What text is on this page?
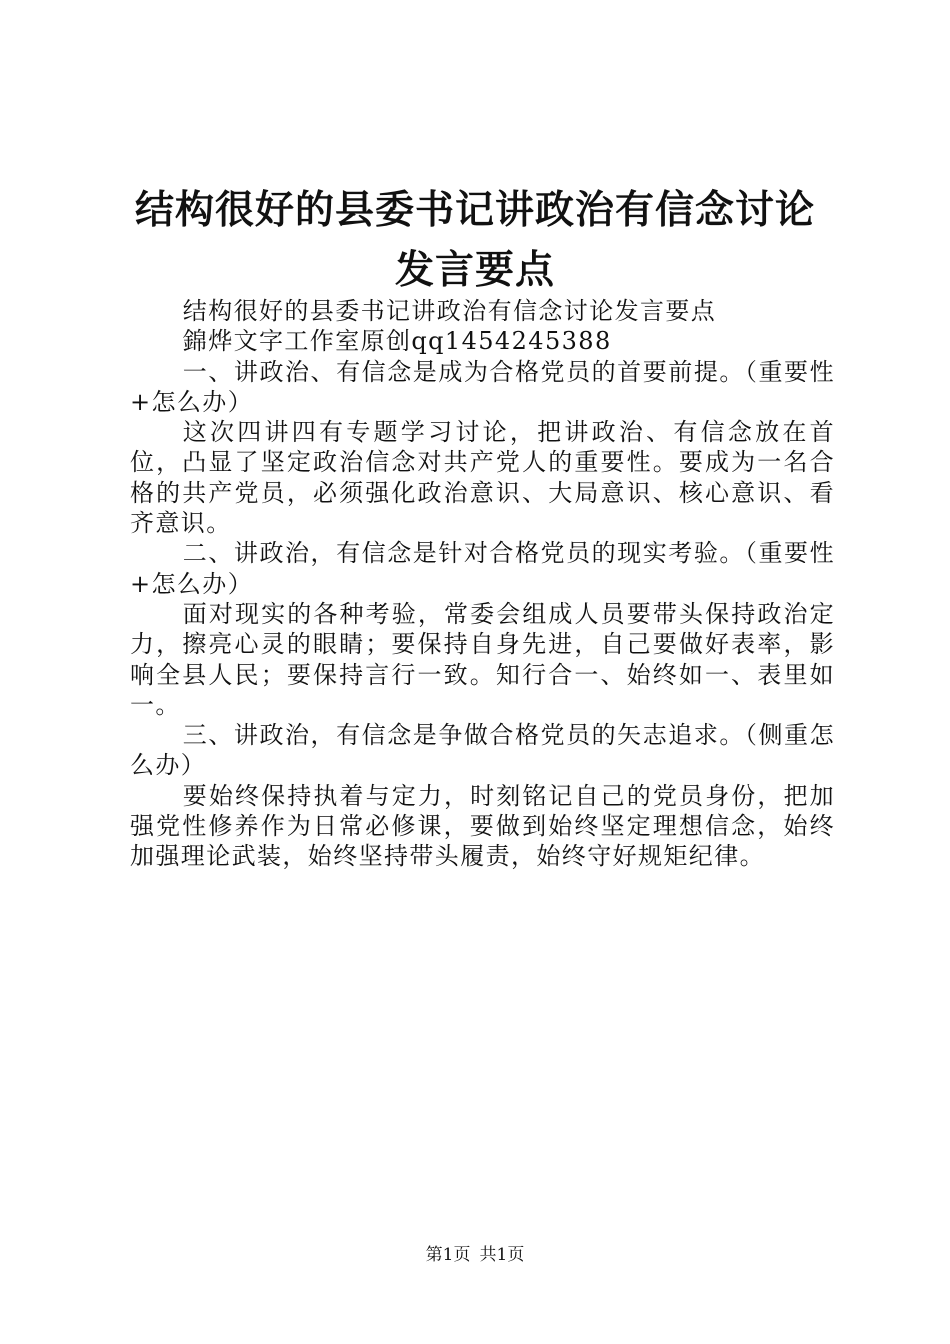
结构很好的县委书记讲政治有信念讨论发言要点

结构很好的县委书记讲政治有信念讨论发言要点

錦烨文字工作室原创qq1454245388

一、讲政治、有信念是成为合格党员的首要前提。（重要性+怎么办）

这次四讲四有专题学习讨论，把讲政治、有信念放在首位，凸显了坚定政治信念对共产党人的重要性。要成为一名合格的共产党员，必须强化政治意识、大局意识、核心意识、看齐意识。

二、讲政治，有信念是针对合格党员的现实考验。（重要性+怎么办）

面对现实的各种考验，常委会组成人员要带头保持政治定力，擦亮心灵的眼睛；要保持自身先进，自己要做好表率，影响全县人民；要保持言行一致。知行合一、始终如一、表里如一。

三、讲政治，有信念是争做合格党员的矢志追求。（侧重怎么办）

要始终保持执着与定力，时刻铭记自己的党员身份，把加强党性修养作为日常必修课，要做到始终坚定理想信念，始终加强理论武装，始终坚持带头履责，始终守好规矩纪律。

第1页 共1页
